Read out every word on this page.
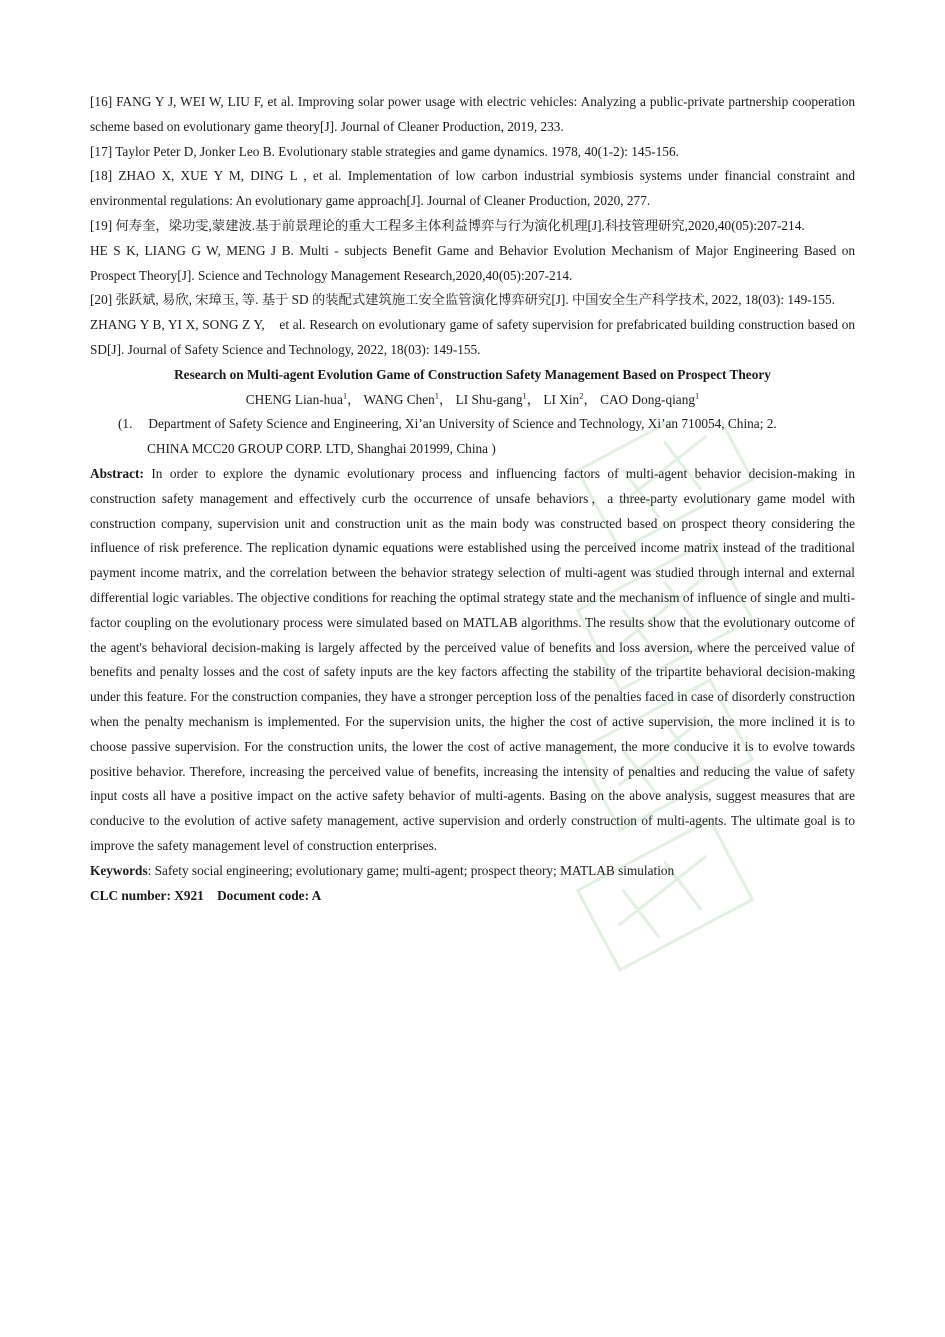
[16] FANG Y J, WEI W, LIU F, et al. Improving solar power usage with electric vehicles: Analyzing a public-private partnership cooperation scheme based on evolutionary game theory[J]. Journal of Cleaner Production, 2019, 233.

[17] Taylor Peter D, Jonker Leo B. Evolutionary stable strategies and game dynamics. 1978, 40(1-2): 145-156.

[18] ZHAO X, XUE Y M, DING L , et al. Implementation of low carbon industrial symbiosis systems under financial constraint and environmental regulations: An evolutionary game approach[J]. Journal of Cleaner Production, 2020, 277.

[19] 何寿奎，梁功雯,蒙建波.基于前景理论的重大工程多主体利益博弈与行为演化机理[J].科技管理研究,2020,40(05):207-214.

HE S K, LIANG G W, MENG J B. Multi - subjects Benefit Game and Behavior Evolution Mechanism of Major Engineering Based on Prospect Theory[J]. Science and Technology Management Research,2020,40(05):207-214.

[20] 张跃斌, 易欣, 宋璋玉, 等. 基于 SD 的装配式建筑施工安全监管演化博弈研究[J]. 中国安全生产科学技术, 2022, 18(03): 149-155.

ZHANG Y B, YI X, SONG Z Y,    et al. Research on evolutionary game of safety supervision for prefabricated building construction based on SD[J]. Journal of Safety Science and Technology, 2022, 18(03): 149-155.

Research on Multi-agent Evolution Game of Construction Safety Management Based on Prospect Theory

CHENG Lian-hua$^1$， WANG Chen$^1$， LI Shu-gang$^1$， LI Xin$^2$， CAO Dong-qiang$^1$

(1. Department of Safety Science and Engineering, Xi’an University of Science and Technology, Xi’an 710054, China; 2.

CHINA MCC20 GROUP CORP. LTD, Shanghai 201999, China )

Abstract: In order to explore the dynamic evolutionary process and influencing factors of multi-agent behavior decision-making in construction safety management and effectively curb the occurrence of unsafe behaviors，a three-party evolutionary game model with construction company, supervision unit and construction unit as the main body was constructed based on prospect theory considering the influence of risk preference. The replication dynamic equations were established using the perceived income matrix instead of the traditional payment income matrix, and the correlation between the behavior strategy selection of multi-agent was studied through internal and external differential logic variables. The objective conditions for reaching the optimal strategy state and the mechanism of influence of single and multi-factor coupling on the evolutionary process were simulated based on MATLAB algorithms. The results show that the evolutionary outcome of the agent's behavioral decision-making is largely affected by the perceived value of benefits and loss aversion, where the perceived value of benefits and penalty losses and the cost of safety inputs are the key factors affecting the stability of the tripartite behavioral decision-making under this feature. For the construction companies, they have a stronger perception loss of the penalties faced in case of disorderly construction when the penalty mechanism is implemented. For the supervision units, the higher the cost of active supervision, the more inclined it is to choose passive supervision. For the construction units, the lower the cost of active management, the more conducive it is to evolve towards positive behavior. Therefore, increasing the perceived value of benefits, increasing the intensity of penalties and reducing the value of safety input costs all have a positive impact on the active safety behavior of multi-agents. Basing on the above analysis, suggest measures that are conducive to the evolution of active safety management, active supervision and orderly construction of multi-agents. The ultimate goal is to improve the safety management level of construction enterprises.

Keywords: Safety social engineering; evolutionary game; multi-agent; prospect theory; MATLAB simulation

CLC number: X921 Document code: A
